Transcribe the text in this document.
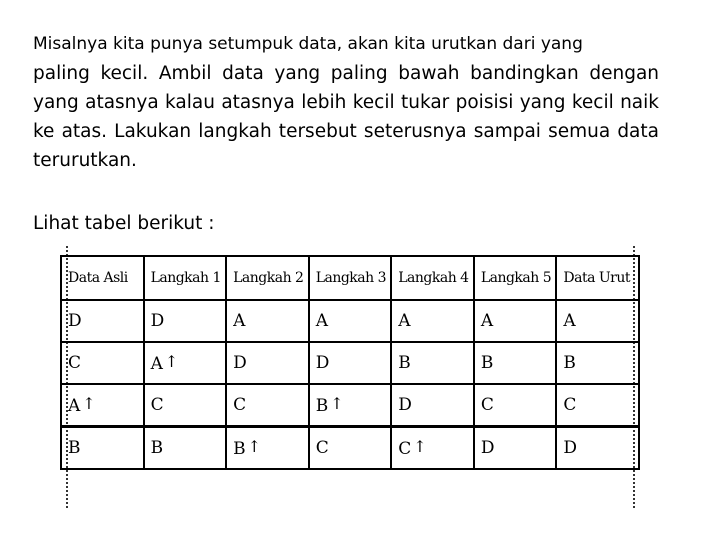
Misalnya kita punya setumpuk data, akan kita urutkan dari yang
paling kecil. Ambil data yang paling bawah bandingkan dengan yang atasnya kalau atasnya lebih kecil tukar poisisi yang kecil naik ke atas. Lakukan langkah tersebut seterusnya sampai semua data terurutkan.

Lihat tabel berikut :

Data Asli	Langkah 1	Langkah 2	Langkah 3	Langkah 4	Langkah 5	Data Urut
D	D	A	A	A	A	A
C	A ↑	D	D	B	B	B
A ↑	C	C	B ↑	D	C	C
B	B	B ↑	C	C ↑	D	D
